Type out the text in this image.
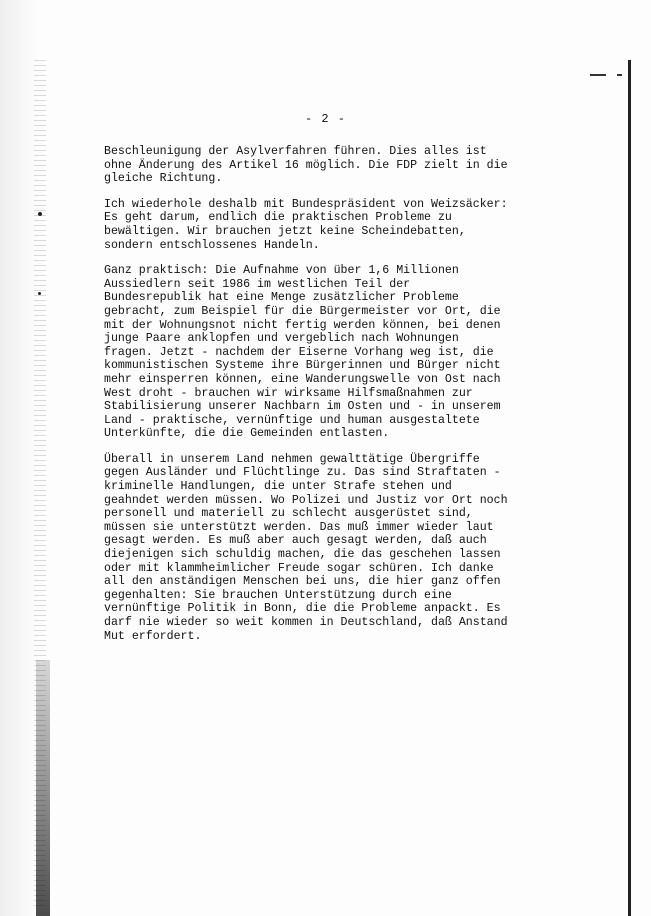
- 2 -

Beschleunigung der Asylverfahren führen. Dies alles ist
ohne Änderung des Artikel 16 möglich. Die FDP zielt in die
gleiche Richtung.

Ich wiederhole deshalb mit Bundespräsident von Weizsäcker:
Es geht darum, endlich die praktischen Probleme zu
bewältigen. Wir brauchen jetzt keine Scheindebatten,
sondern entschlossenes Handeln.

Ganz praktisch: Die Aufnahme von über 1,6 Millionen
Aussiedlern seit 1986 im westlichen Teil der
Bundesrepublik hat eine Menge zusätzlicher Probleme
gebracht, zum Beispiel für die Bürgermeister vor Ort, die
mit der Wohnungsnot nicht fertig werden können, bei denen
junge Paare anklopfen und vergeblich nach Wohnungen
fragen. Jetzt - nachdem der Eiserne Vorhang weg ist, die
kommunistischen Systeme ihre Bürgerinnen und Bürger nicht
mehr einsperren können, eine Wanderungswelle von Ost nach
West droht - brauchen wir wirksame Hilfsmaßnahmen zur
Stabilisierung unserer Nachbarn im Osten und - in unserem
Land - praktische, vernünftige und human ausgestaltete
Unterkünfte, die die Gemeinden entlasten.

Überall in unserem Land nehmen gewalttätige Übergriffe
gegen Ausländer und Flüchtlinge zu. Das sind Straftaten -
kriminelle Handlungen, die unter Strafe stehen und
geahndet werden müssen. Wo Polizei und Justiz vor Ort noch
personell und materiell zu schlecht ausgerüstet sind,
müssen sie unterstützt werden. Das muß immer wieder laut
gesagt werden. Es muß aber auch gesagt werden, daß auch
diejenigen sich schuldig machen, die das geschehen lassen
oder mit klammheimlicher Freude sogar schüren. Ich danke
all den anständigen Menschen bei uns, die hier ganz offen
gegenhalten: Sie brauchen Unterstützung durch eine
vernünftige Politik in Bonn, die die Probleme anpackt. Es
darf nie wieder so weit kommen in Deutschland, daß Anstand
Mut erfordert.
